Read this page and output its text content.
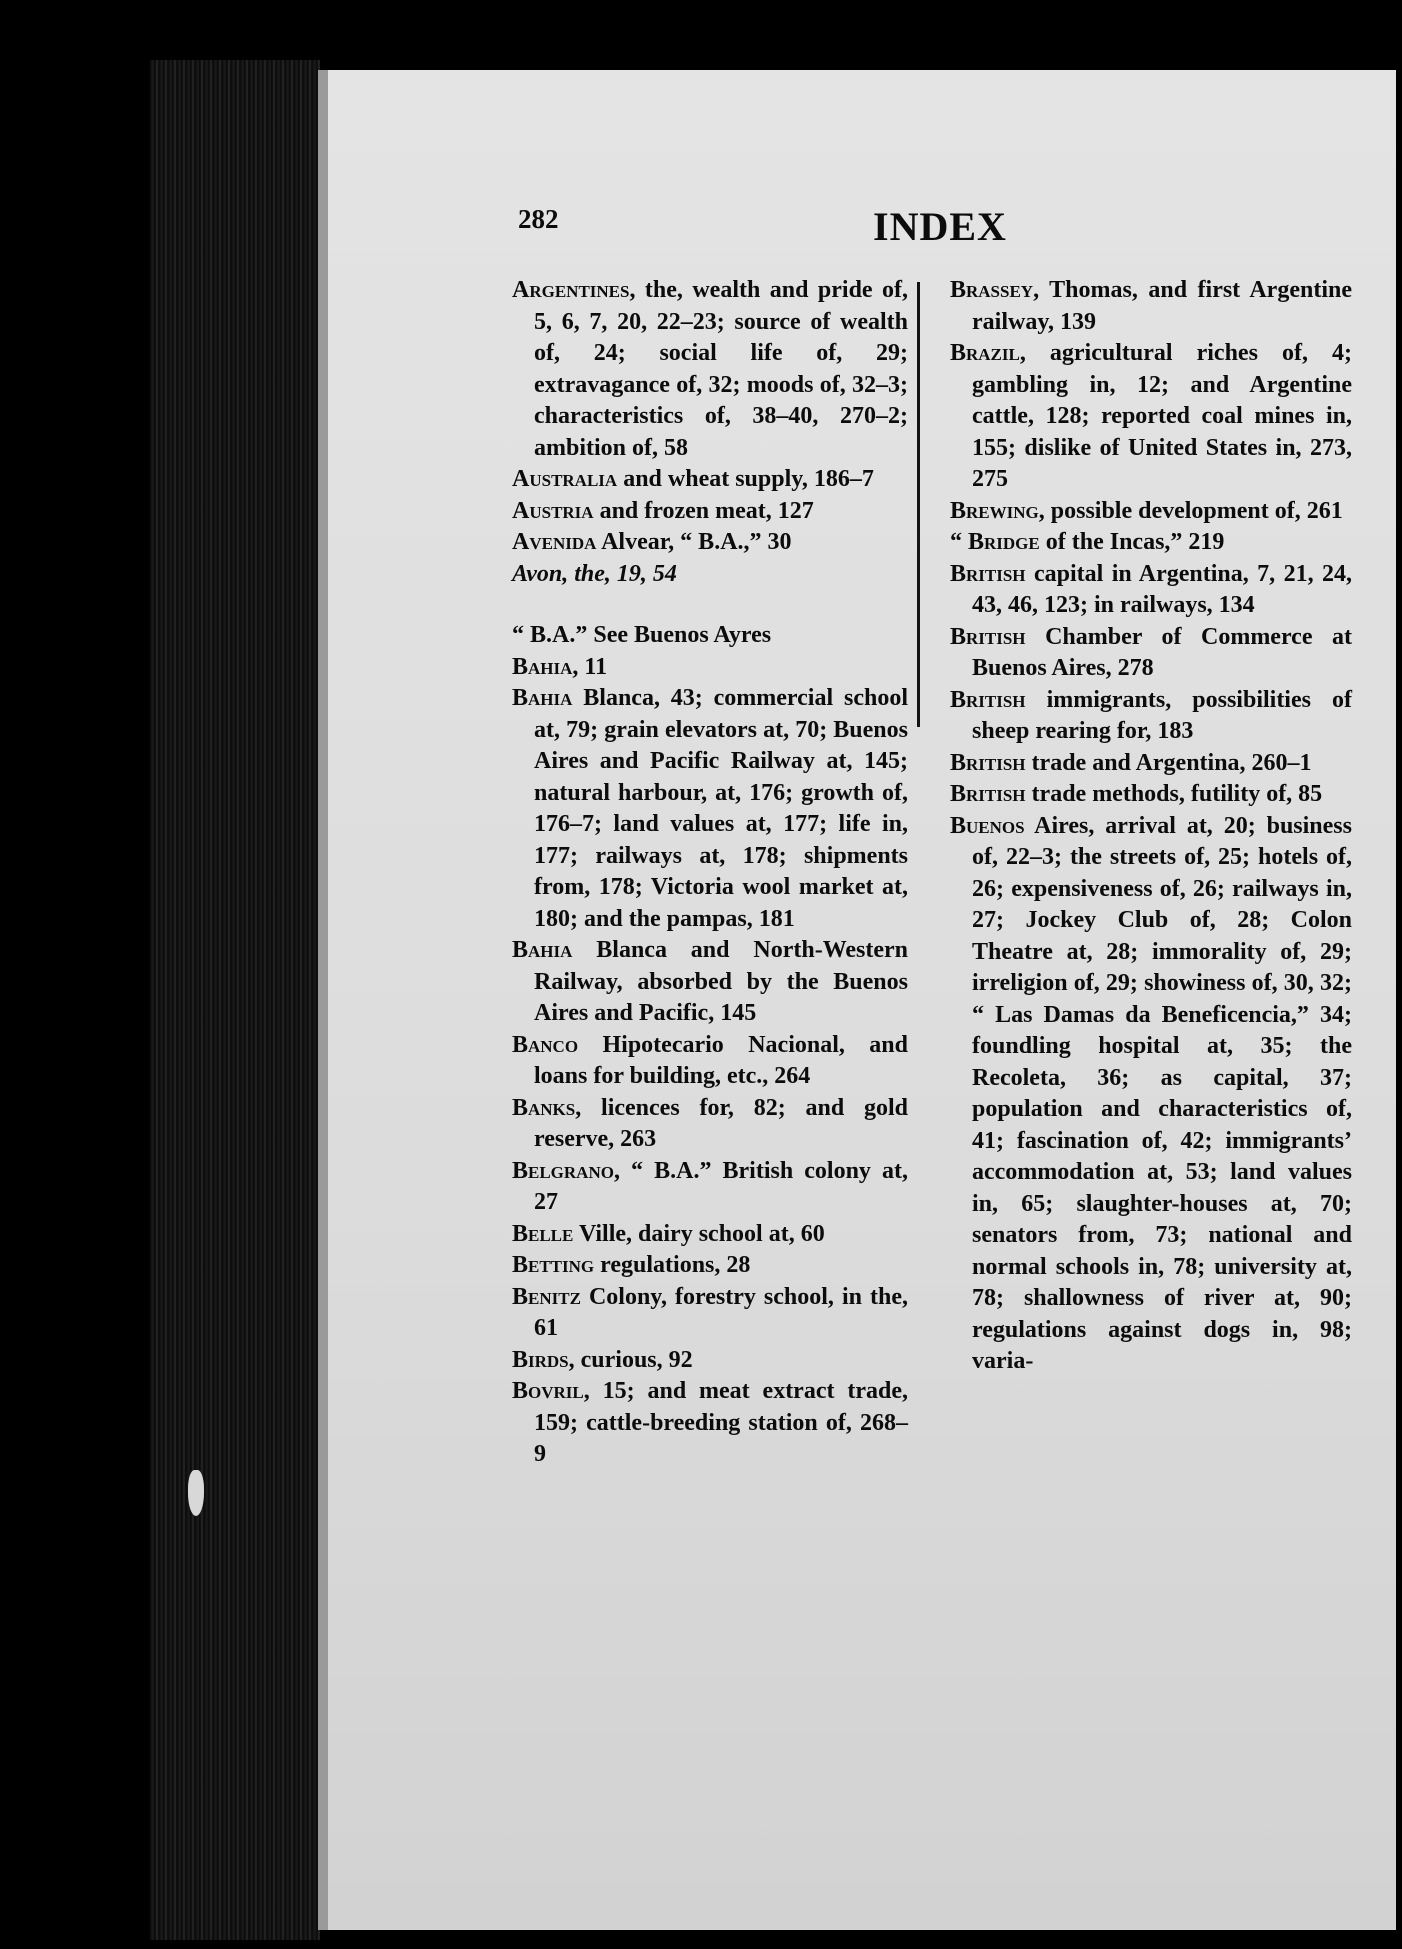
282	INDEX

Argentines, the, wealth and pride of, 5, 6, 7, 20, 22–23; source of wealth of, 24; social life of, 29; extravagance of, 32; moods of, 32–3; characteristics of, 38–40, 270–2; ambition of, 58

Australia and wheat supply, 186–7

Austria and frozen meat, 127

Avenida Alvear, “ B.A.,” 30

Avon, the, 19, 54

“ B.A.” See Buenos Ayres

Bahia, 11

Bahia Blanca, 43; commercial school at, 79; grain elevators at, 70; Buenos Aires and Pacific Railway at, 145; natural harbour, at, 176; growth of, 176–7; land values at, 177; life in, 177; railways at, 178; shipments from, 178; Victoria wool market at, 180; and the pampas, 181

Bahia Blanca and North-Western Railway, absorbed by the Buenos Aires and Pacific, 145

Banco Hipotecario Nacional, and loans for building, etc., 264

Banks, licences for, 82; and gold reserve, 263

Belgrano, “ B.A.” British colony at, 27

Belle Ville, dairy school at, 60

Betting regulations, 28

Benitz Colony, forestry school, in the, 61

Birds, curious, 92

Bovril, 15; and meat extract trade, 159; cattle-breeding station of, 268–9

Brassey, Thomas, and first Argentine railway, 139

Brazil, agricultural riches of, 4; gambling in, 12; and Argentine cattle, 128; reported coal mines in, 155; dislike of United States in, 273, 275

Brewing, possible development of, 261

“ Bridge of the Incas,” 219

British capital in Argentina, 7, 21, 24, 43, 46, 123; in railways, 134

British Chamber of Commerce at Buenos Aires, 278

British immigrants, possibilities of sheep rearing for, 183

British trade and Argentina, 260–1

British trade methods, futility of, 85

Buenos Aires, arrival at, 20; business of, 22–3; the streets of, 25; hotels of, 26; expensiveness of, 26; railways in, 27; Jockey Club of, 28; Colon Theatre at, 28; immorality of, 29; irreligion of, 29; showiness of, 30, 32; “ Las Damas da Beneficencia,” 34; foundling hospital at, 35; the Recoleta, 36; as capital, 37; population and characteristics of, 41; fascination of, 42; immigrants’ accommodation at, 53; land values in, 65; slaughter-houses at, 70; senators from, 73; national and normal schools in, 78; university at, 78; shallowness of river at, 90; regulations against dogs in, 98; varia-
